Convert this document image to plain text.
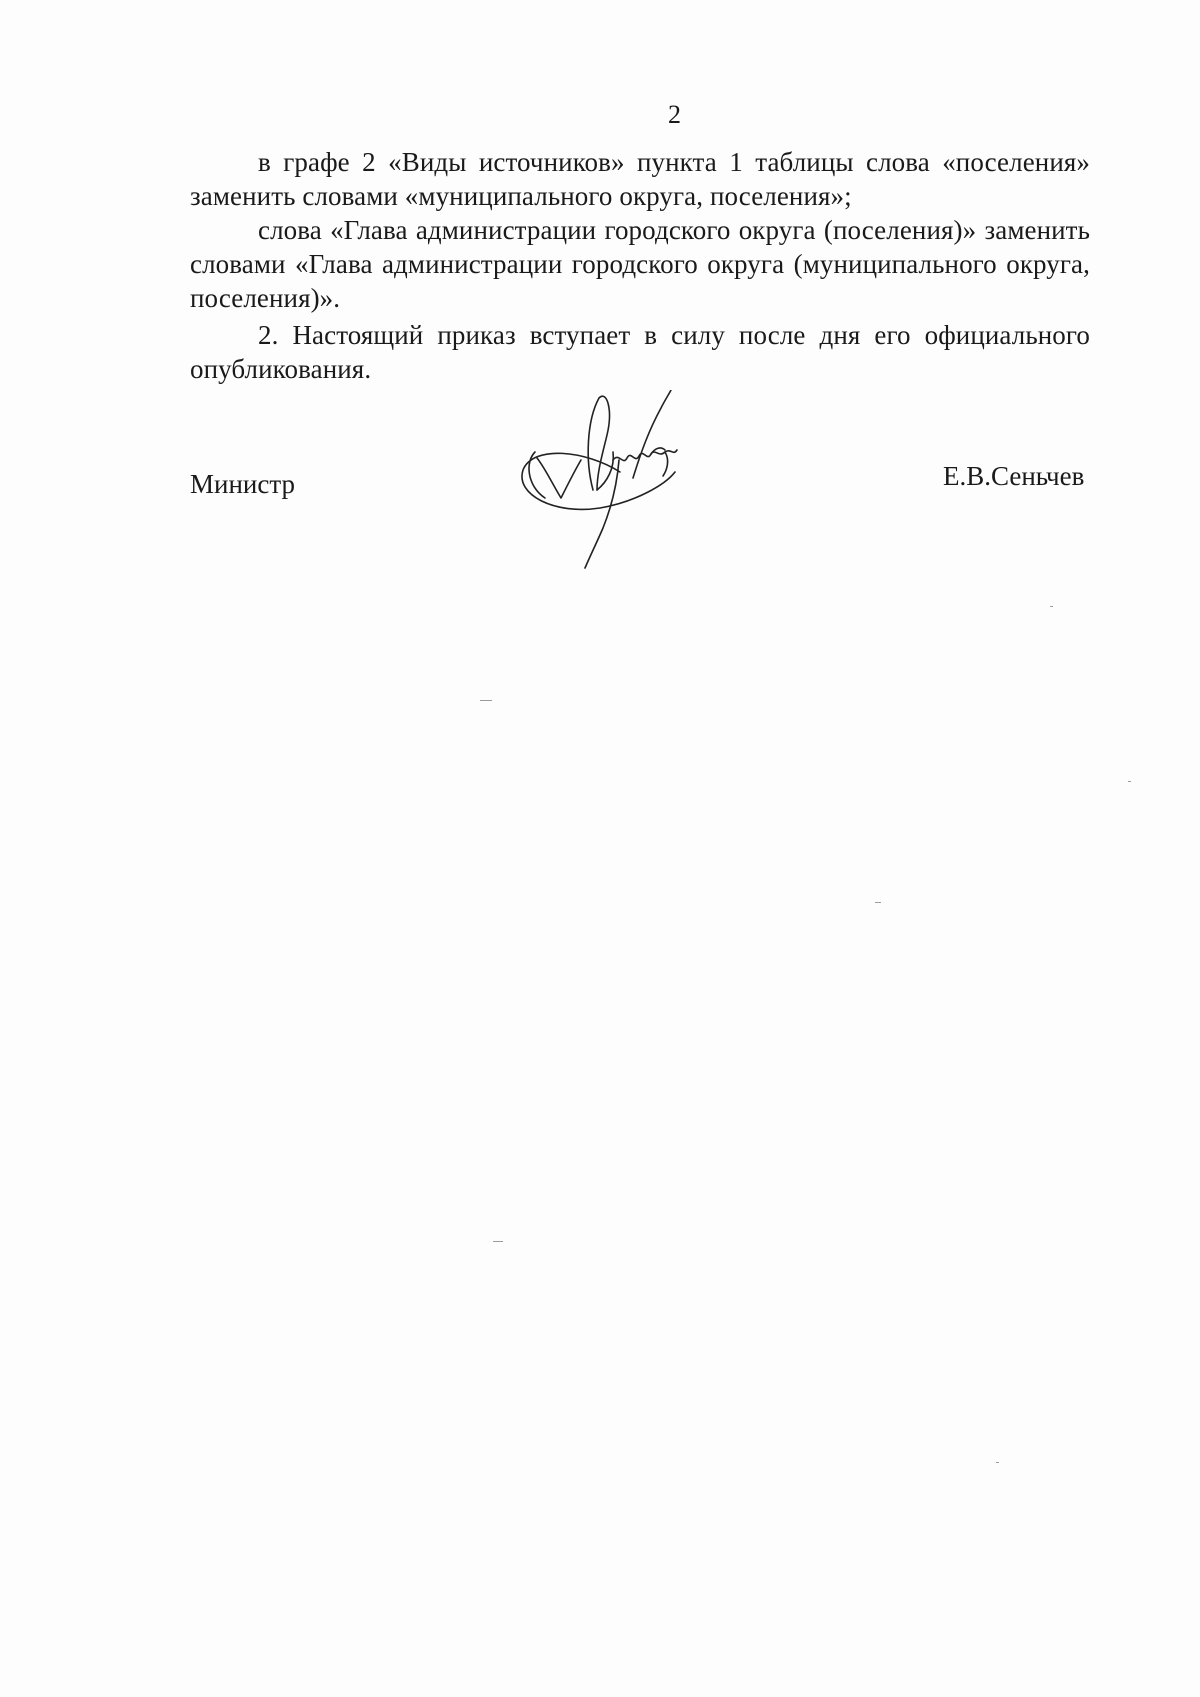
2

в графе 2 «Виды источников» пункта 1 таблицы слова «поселения» заменить словами «муниципального округа, поселения»;

слова «Глава администрации городского округа (поселения)» заменить словами «Глава администрации городского округа (муниципального округа, поселения)».

2. Настоящий приказ вступает в силу после дня его официального опубликования.

Министр	Е.В.Сеньчев
